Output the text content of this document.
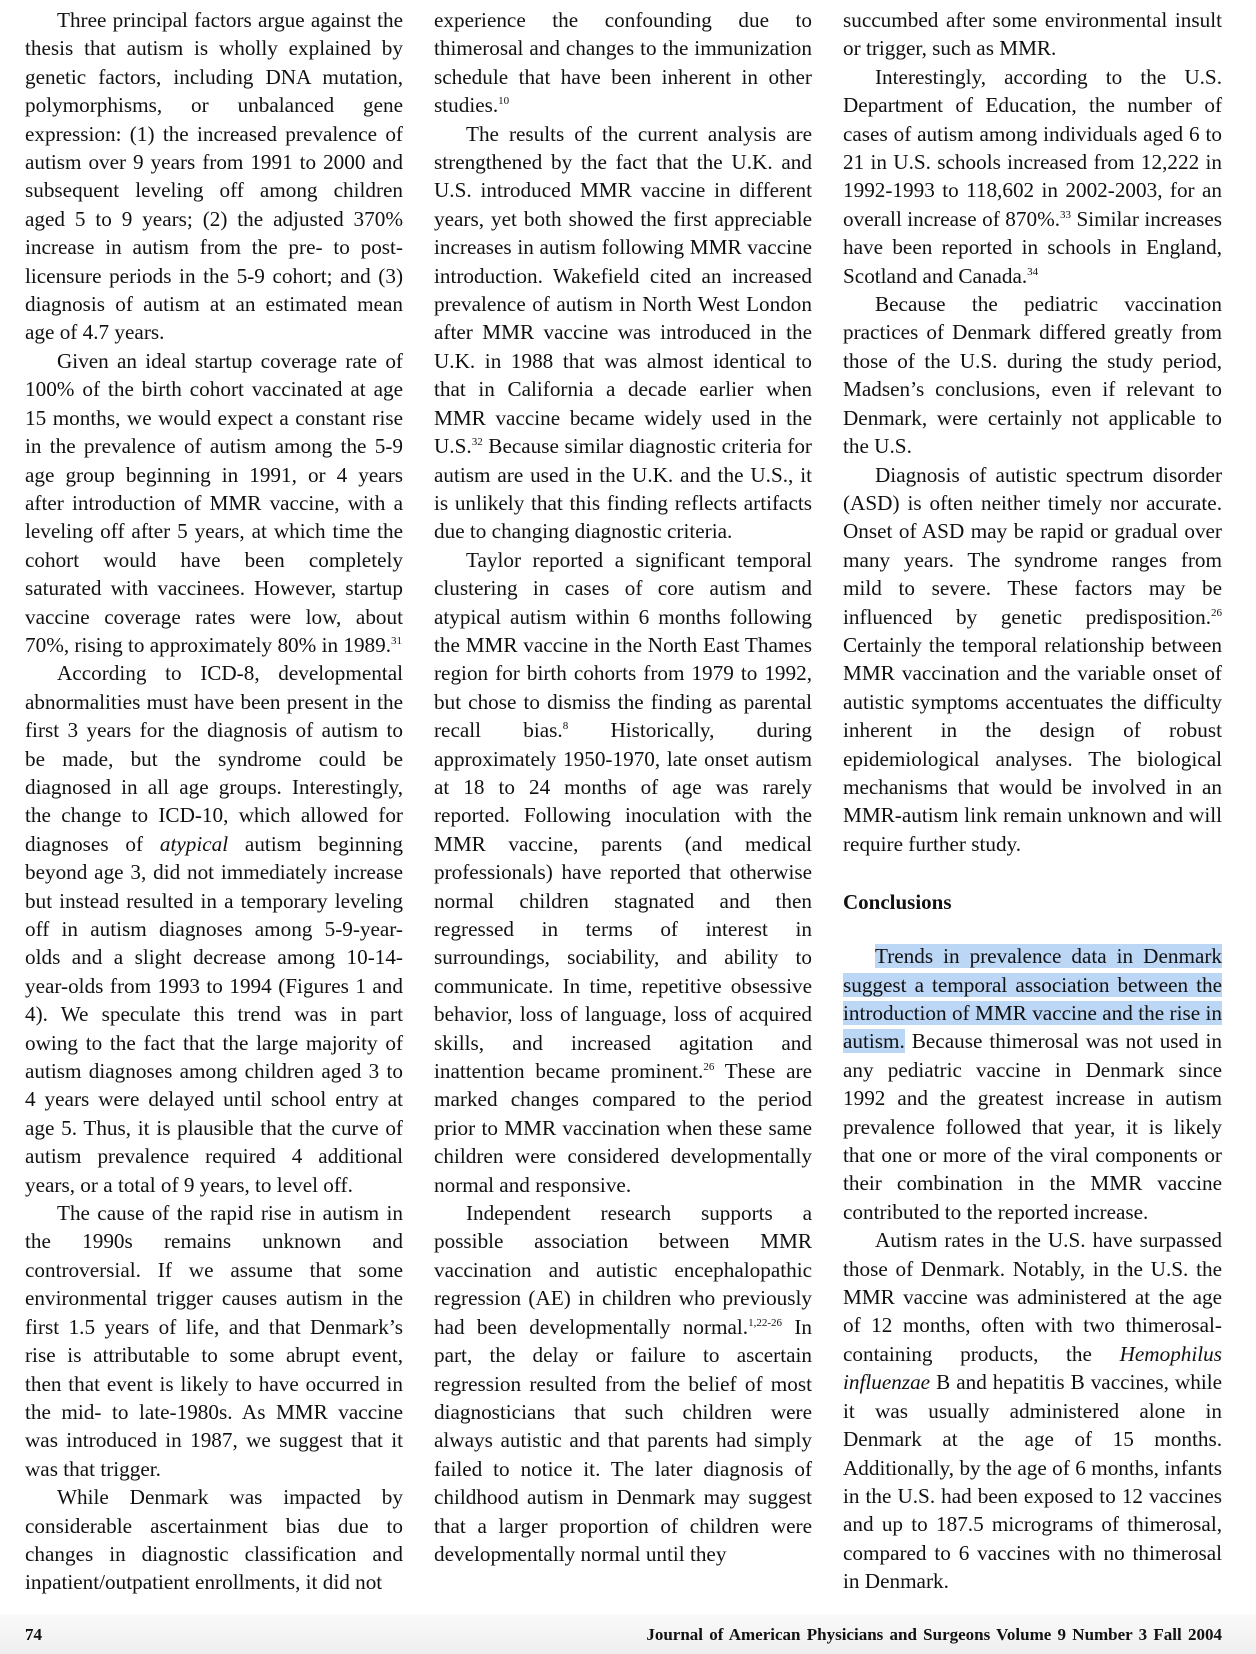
Three principal factors argue against the thesis that autism is wholly explained by genetic factors, including DNA mutation, polymorphisms, or unbalanced gene expression: (1) the increased prevalence of autism over 9 years from 1991 to 2000 and subsequent leveling off among children aged 5 to 9 years; (2) the adjusted 370% increase in autism from the pre- to post-licensure periods in the 5-9 cohort; and (3) diagnosis of autism at an estimated mean age of 4.7 years.

Given an ideal startup coverage rate of 100% of the birth cohort vaccinated at age 15 months, we would expect a constant rise in the prevalence of autism among the 5-9 age group beginning in 1991, or 4 years after introduction of MMR vaccine, with a leveling off after 5 years, at which time the cohort would have been completely saturated with vaccinees. However, startup vaccine coverage rates were low, about 70%, rising to approximately 80% in 1989.31

According to ICD-8, developmental abnormalities must have been present in the first 3 years for the diagnosis of autism to be made, but the syndrome could be diagnosed in all age groups. Interestingly, the change to ICD-10, which allowed for diagnoses of atypical autism beginning beyond age 3, did not immediately increase but instead resulted in a temporary leveling off in autism diagnoses among 5-9-year-olds and a slight decrease among 10-14-year-olds from 1993 to 1994 (Figures 1 and 4). We speculate this trend was in part owing to the fact that the large majority of autism diagnoses among children aged 3 to 4 years were delayed until school entry at age 5. Thus, it is plausible that the curve of autism prevalence required 4 additional years, or a total of 9 years, to level off.

The cause of the rapid rise in autism in the 1990s remains unknown and controversial. If we assume that some environmental trigger causes autism in the first 1.5 years of life, and that Denmark’s rise is attributable to some abrupt event, then that event is likely to have occurred in the mid- to late-1980s. As MMR vaccine was introduced in 1987, we suggest that it was that trigger.

While Denmark was impacted by considerable ascertainment bias due to changes in diagnostic classification and inpatient/outpatient enrollments, it did not

experience the confounding due to thimerosal and changes to the immunization schedule that have been inherent in other studies.$^{10}$

The results of the current analysis are strengthened by the fact that the U.K. and U.S. introduced MMR vaccine in different years, yet both showed the first appreciable increases in autism following MMR vaccine introduction. Wakefield cited an increased prevalence of autism in North West London after MMR vaccine was introduced in the U.K. in 1988 that was almost identical to that in California a decade earlier when MMR vaccine became widely used in the U.S.$^{32}$ Because similar diagnostic criteria for autism are used in the U.K. and the U.S., it is unlikely that this finding reflects artifacts due to changing diagnostic criteria.

Taylor reported a significant temporal clustering in cases of core autism and atypical autism within 6 months following the MMR vaccine in the North East Thames region for birth cohorts from 1979 to 1992, but chose to dismiss the finding as parental recall bias.$^8$ Historically, during approximately 1950-1970, late onset autism at 18 to 24 months of age was rarely reported. Following inoculation with the MMR vaccine, parents (and medical professionals) have reported that otherwise normal children stagnated and then regressed in terms of interest in surroundings, sociability, and ability to communicate. In time, repetitive obsessive behavior, loss of language, loss of acquired skills, and increased agitation and inattention became prominent.$^{26}$ These are marked changes compared to the period prior to MMR vaccination when these same children were considered developmentally normal and responsive.

Independent research supports a possible association between MMR vaccination and autistic encephalopathic regression (AE) in children who previously had been developmentally normal.$^{1,22-26}$ In part, the delay or failure to ascertain regression resulted from the belief of most diagnosticians that such children were always autistic and that parents had simply failed to notice it. The later diagnosis of childhood autism in Denmark may suggest that a larger proportion of children were developmentally normal until they

succumbed after some environmental insult or trigger, such as MMR.

Interestingly, according to the U.S. Department of Education, the number of cases of autism among individuals aged 6 to 21 in U.S. schools increased from 12,222 in 1992-1993 to 118,602 in 2002-2003, for an overall increase of 870%.$^{33}$ Similar increases have been reported in schools in England, Scotland and Canada.$^{34}$

Because the pediatric vaccination practices of Denmark differed greatly from those of the U.S. during the study period, Madsen’s conclusions, even if relevant to Denmark, were certainly not applicable to the U.S.

Diagnosis of autistic spectrum disorder (ASD) is often neither timely nor accurate. Onset of ASD may be rapid or gradual over many years. The syndrome ranges from mild to severe. These factors may be influenced by genetic predisposition.$^{26}$ Certainly the temporal relationship between MMR vaccination and the variable onset of autistic symptoms accentuates the difficulty inherent in the design of robust epidemiological analyses. The biological mechanisms that would be involved in an MMR-autism link remain unknown and will require further study.

Conclusions

Trends in prevalence data in Denmark suggest a temporal association between the introduction of MMR vaccine and the rise in autism. Because thimerosal was not used in any pediatric vaccine in Denmark since 1992 and the greatest increase in autism prevalence followed that year, it is likely that one or more of the viral components or their combination in the MMR vaccine contributed to the reported increase.

Autism rates in the U.S. have surpassed those of Denmark. Notably, in the U.S. the MMR vaccine was administered at the age of 12 months, often with two thimerosal-containing products, the Hemophilus influenzae B and hepatitis B vaccines, while it was usually administered alone in Denmark at the age of 15 months. Additionally, by the age of 6 months, infants in the U.S. had been exposed to 12 vaccines and up to 187.5 micrograms of thimerosal, compared to 6 vaccines with no thimerosal in Denmark.

74	Journal of American Physicians and Surgeons Volume 9 Number 3 Fall 2004
